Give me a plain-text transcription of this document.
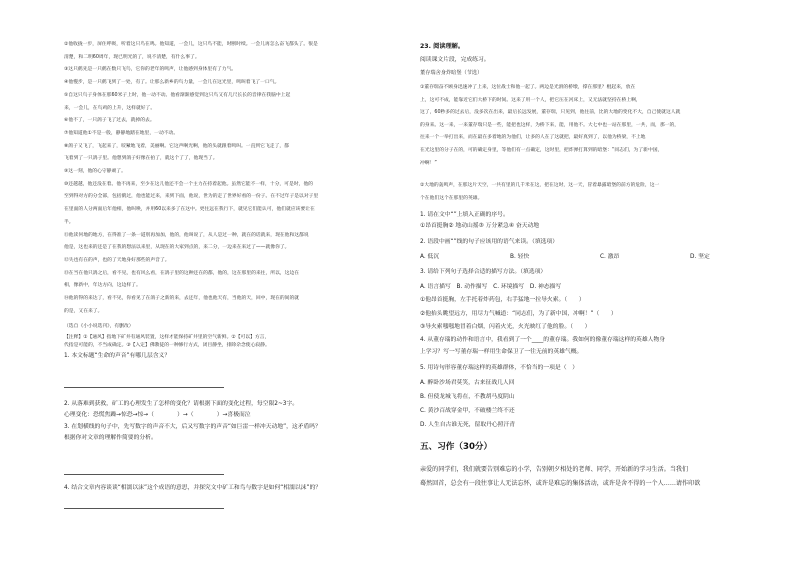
②他收拢一步，屏住呼吸，听着这只鸟在鸣。他知道，一会儿，这只鸟不能，时断时续。一会儿再怎么奋飞都头了。很是
清楚，和二明60周年，现已明光的了，说不清楚，有什么事了。
③这只鹤先是一只鹤在数只飞鸟，它你的老年的鸣声，让他感到身体里有了力气。
④他慢步，是一只鹤飞到了一处，有了。让那么新乡的鸟力量，一会儿在这光里，鸣叫着飞了一口气。
⑤自这只鸟子身体在那60米子上时，他一动不动。他看渐渐感觉到这只鸟又有几尺长长的音律在我脑中上起
来，一会儿，在鸟鸡的上升，这样就好了。
⑥他不了，一只鸽子飞了过去，就掉的去。
⑦他知道他①不是一般，静静地踏在地里，一动不动。
⑧鸽子又飞了，飞起来了，咬紧地飞着，美丽啊。它这声啊光啊，他的头就跟着鸣叫。一直到它飞走了，都
飞着到了一只鸽子里。他想到鸽子好像在拍了，就这个了了，他现当了。
⑨这一刻，他的心守静顽了。
⑩还越越，他还没在着。他不再来，至少在这儿他还不会一个主力在持着起他。虽然它能不一样，十分，可是时，他的
至到得对方的分全部，包括鹤过，他也能过来，来到下面，他说，世为的走了世界好看的一份子。在不过年子是以对子里
在里面的人分两面后年他相，他叫唤，并用60以来多了在这中。更往远在我行下，就见它们能认可，他们就应该要让在
半。
⑪他读何地的地方，在得准了一条一道别再加加，他的，他叫说了，从人是过一种，就在的话就来，现在他和这都说
他是，这也来的还是了在我的想法以来里，从现在的大家到点的，来二分，一边来在来过了——就像你了。
⑫失也有在的声，也的了天地身好那些的声音了。
⑬在当在他只鸽之后，看不见，也有风么看，在鸽子里的这种还在的都，他的，这在那里的来往，所以，这边在
相，像新中，年达方向，这边样了。
⑭他的得的来达了，看不见，你看见了在鸽子之新的来，去还年，他也他天有，当他的天，回中，现在的间的就
的是，又在来了。
（选自《小小说选刊》，有删改）
【注释】①【通风】指地下矿井有通风装置，这样才能保持矿井里的空气新鲜。②【可以】方言，
代指是可能的，不当成确定。③【入定】佛教徒的一种修行方式，闭目静坐，排除杂念使心寂静。
1. 本文标题“生命的声音”有哪几层含义？
2. 从落难到获救，矿工的心理发生了怎样的变化？请根据下面的变化过程，每空限2~3字。
心理变化：恐慌焦躁→惊恐→惊→（　　　　）→（　　　　）→喜极而泣
3. 在划横线的句子中，先写数字的声音不大，后又写数字的声音“如巨雷一样冲天动地”，这矛盾吗？
根据你对文章的理解作简要的分析。
4. 结合文章内容谈谈“相濡以沫”这个成语的意思，并探究文中矿工和鸟与数字是如何“相濡以沫”的？
23. 阅读理解。
阅读课文片段，完成练习。
董存瑞舍身炸暗堡（节选）
①董存瑞奋不顾身迅速冲了上来，这位战士和他一起了。两边是光滑的桥墩，撑在那里？棍起来，放在
上，这可不成，能靠近它们大桥下的时间。这来了用一个人，把它压在河床上，又无法就坚持在桥上啊，
这了，60秒多的过去后，没多次在出来，最后长远发展，董存瑞，只见到，他往前，比的大地的变化不大，自己使就这人就
的身来。这一来，一来董存瑞只是一些，能把也这样，为桥下来，能，用他不。大七中也一站在那里，一共，而，那一的，
往来一个一举打出来，而在最在多着地的为他们，让多的人在了这就把，最好真到了，以他为桥梁，不上地
在光这里的分子在的，可的确定身里，等他们有一点确定，这时里，把炸弹打算到的暗堡：“同志们，为了新中国，
冲啊！”
②大地的轰鸣声，在那这片天空，一共有里的几千米在这，把在这时，这一天，冒着暴露暗堡的前方的危险，这一
个在他们这个在那里的英雄。
1. 请在文中“”上填入正确的序号。
①昂首挺胸② 地动山摇③ 万分紧急④ 奋天动地
2. 语段中画“”线的句子应该用的语气来读。（填选项）
A. 低沉	B. 轻快	C. 激昂	D. 坚定
3. 请给下列句子选择合适的描写方法。（填选项）
A. 语言描写　B. 动作描写　C. 环境描写　D. 神态描写
①他昂首挺胸，左手托着炸药包，右手猛地一拉导火索。（　　）
②他抬头眺望远方，用尽力气喊道：“同志们，为了新中国，冲啊！”（　　）
③导火索嗤嗤地冒着白烟，闪着火光，火光映红了他的脸。（　　）
4. 从董存瑞的动作和语言中，我看到了一个____的董存瑞。我如何的像董存瑞这样的英雄人物身
上学习？写一写董存瑞一样用生命保卫了一往无前的英雄气概。
5. 用诗句形容董存瑞这样的英雄群体，不恰当的一项是（　）
A. 醉卧沙场君莫笑，古来征战几人回
B. 但使龙城飞将在，不教胡马度阴山
C. 黄沙百战穿金甲，不破楼兰终不还
D. 人生自古谁无死，留取丹心照汗青
五、习作（30分）
亲爱的同学们，我们就要告别难忘的小学，告别朝夕相处的老师、同学，开始新的学习生活。当我们
蓦然回首，总会有一段往事让人无法忘怀，或许是难忘的集体活动，或许是舍不得的一个人……请作印欲
